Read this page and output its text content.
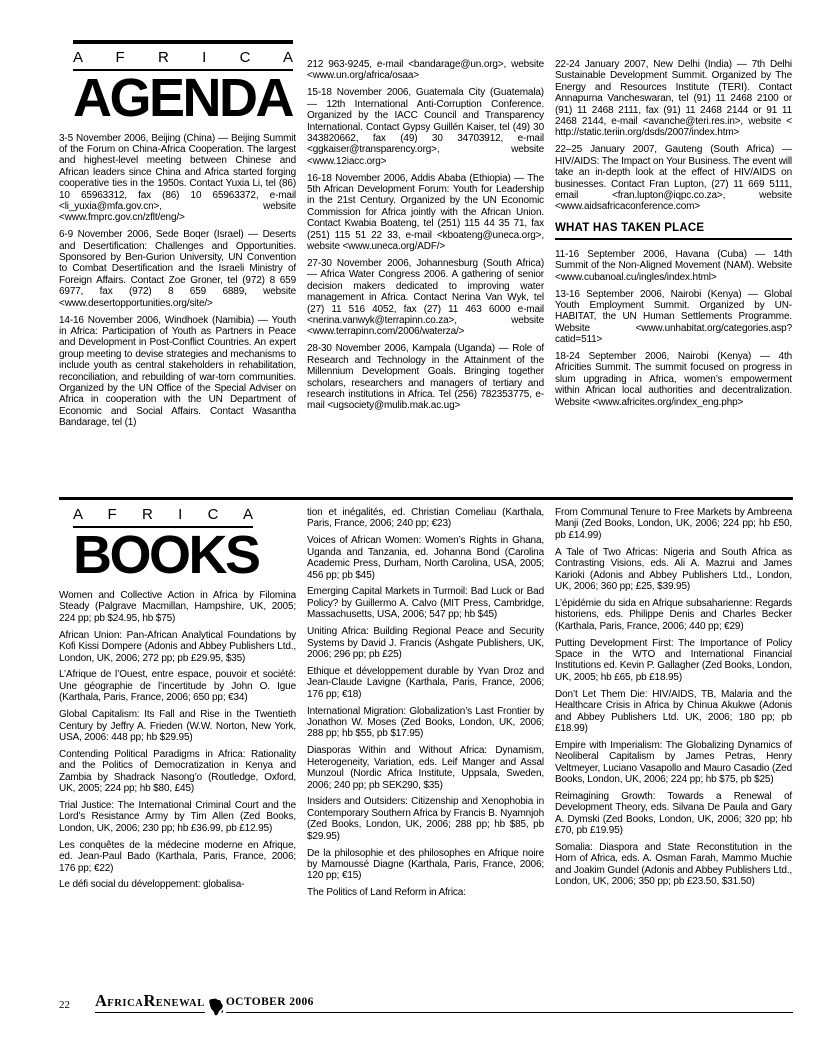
A F R I C A
AGENDA

3-5 November 2006, Beijing (China) — Beijing Summit of the Forum on China-Africa Cooperation. The largest and highest-level meeting between Chinese and African leaders since China and Africa started forging cooperative ties in the 1950s. Contact Yuxia Li, tel (86) 10 65963312, fax (86) 10 65963372, e-mail <li_yuxia@mfa.gov.cn>, website <www.fmprc.gov.cn/zflt/eng/>

6-9 November 2006, Sede Boqer (Israel) — Deserts and Desertification: Challenges and Opportunities. Sponsored by Ben-Gurion University, UN Convention to Combat Desertification and the Israeli Ministry of Foreign Affairs. Contact Zoe Groner, tel (972) 8 659 6977, fax (972) 8 659 6889, website <www.desertopportunities.org/site/>

14-16 November 2006, Windhoek (Namibia) — Youth in Africa: Participation of Youth as Partners in Peace and Development in Post-Conflict Countries. An expert group meeting to devise strategies and mechanisms to include youth as central stakeholders in rehabilitation, reconciliation, and rebuilding of war-torn communities. Organized by the UN Office of the Special Adviser on Africa in cooperation with the UN Department of Economic and Social Affairs. Contact Wasantha Bandarage, tel (1)

212 963-9245, e-mail <bandarage@un.org>, website <www.un.org/africa/osaa>

15-18 November 2006, Guatemala City (Guatemala) — 12th International Anti-Corruption Conference. Organized by the IACC Council and Transparency International. Contact Gypsy Guillén Kaiser, tel (49) 30 343820662, fax (49) 30 34703912, e-mail <ggkaiser@transparency.org>, website <www.12iacc.org>

16-18 November 2006, Addis Ababa (Ethiopia) — The 5th African Development Forum: Youth for Leadership in the 21st Century. Organized by the UN Economic Commission for Africa jointly with the African Union. Contact Kwabia Boateng, tel (251) 115 44 35 71, fax (251) 115 51 22 33, e-mail <kboateng@uneca.org>, website <www.uneca.org/ADF/>

27-30 November 2006, Johannesburg (South Africa) — Africa Water Congress 2006. A gathering of senior decision makers dedicated to improving water management in Africa. Contact Nerina Van Wyk, tel (27) 11 516 4052, fax (27) 11 463 6000 e-mail <nerina.vanwyk@terrapinn.co.za>, website <www.terrapinn.com/2006/waterza/>

28-30 November 2006, Kampala (Uganda) — Role of Research and Technology in the Attainment of the Millennium Development Goals. Bringing together scholars, researchers and managers of tertiary and research institutions in Africa. Tel (256) 782353775, e-mail <ugsociety@mulib.mak.ac.ug>

22-24 January 2007, New Delhi (India) — 7th Delhi Sustainable Development Summit. Organized by The Energy and Resources Institute (TERI). Contact Annapurna Vancheswaran, tel (91) 11 2468 2100 or (91) 11 2468 2111, fax (91) 11 2468 2144 or 91 11 2468 2144, e-mail <avanche@teri.res.in>, website < http://static.teriin.org/dsds/2007/index.htm>

22–25 January 2007, Gauteng (South Africa) — HIV/AIDS: The Impact on Your Business. The event will take an in-depth look at the effect of HIV/AIDS on businesses. Contact Fran Lupton, (27) 11 669 5111, email <fran.lupton@iqpc.co.za>, website <www.aidsafricaconference.com>

WHAT HAS TAKEN PLACE

11-16 September 2006, Havana (Cuba) — 14th Summit of the Non-Aligned Movement (NAM). Website <www.cubanoal.cu/ingles/index.html>

13-16 September 2006, Nairobi (Kenya) — Global Youth Employment Summit. Organized by UN-HABITAT, the UN Human Settlements Programme. Website <www.unhabitat.org/categories.asp?catid=511>

18-24 September 2006, Nairobi (Kenya) — 4th Africities Summit. The summit focused on progress in slum upgrading in Africa, women’s empowerment within African local authorities and decentralization. Website <www.africites.org/index_eng.php>

A F R I C A
BOOKS

Women and Collective Action in Africa by Filomina Steady (Palgrave Macmillan, Hampshire, UK, 2005; 224 pp; pb $24.95, hb $75)

African Union: Pan-African Analytical Foundations by Kofi Kissi Dompere (Adonis and Abbey Publishers Ltd., London, UK, 2006; 272 pp; pb £29.95, $35)

L’Afrique de l’Ouest, entre espace, pouvoir et société: Une géographie de l’incertitude by John O. Igue (Karthala, Paris, France, 2006; 650 pp; €34)

Global Capitalism: Its Fall and Rise in the Twentieth Century by Jeffry A. Frieden (W.W. Norton, New York, USA, 2006: 448 pp; hb $29.95)

Contending Political Paradigms in Africa: Rationality and the Politics of Democratization in Kenya and Zambia by Shadrack Nasong’o (Routledge, Oxford, UK, 2005; 224 pp; hb $80, £45)

Trial Justice: The International Criminal Court and the Lord’s Resistance Army by Tim Allen (Zed Books, London, UK, 2006; 230 pp; hb £36.99, pb £12.95)

Les conquêtes de la médecine moderne en Afrique, ed. Jean-Paul Bado (Karthala, Paris, France, 2006; 176 pp; €22)

Le défi social du développement: globalisa-

tion et inégalités, ed. Christian Comeliau (Karthala, Paris, France, 2006; 240 pp; €23)

Voices of African Women: Women’s Rights in Ghana, Uganda and Tanzania, ed. Johanna Bond (Carolina Academic Press, Durham, North Carolina, USA, 2005; 456 pp; pb $45)

Emerging Capital Markets in Turmoil: Bad Luck or Bad Policy? by Guillermo A. Calvo (MIT Press, Cambridge, Massachusetts, USA, 2006; 547 pp; hb $45)

Uniting Africa: Building Regional Peace and Security Systems by David J. Francis (Ashgate Publishers, UK, 2006; 296 pp; pb £25)

Ethique et développement durable by Yvan Droz and Jean-Claude Lavigne (Karthala, Paris, France, 2006; 176 pp; €18)

International Migration: Globalization’s Last Frontier by Jonathon W. Moses (Zed Books, London, UK, 2006; 288 pp; hb $55, pb $17.95)

Diasporas Within and Without Africa: Dynamism, Heterogeneity, Variation, eds. Leif Manger and Assal Munzoul (Nordic Africa Institute, Uppsala, Sweden, 2006; 240 pp; pb SEK290, $35)

Insiders and Outsiders: Citizenship and Xenophobia in Contemporary Southern Africa by Francis B. Nyamnjoh (Zed Books, London, UK, 2006; 288 pp; hb $85, pb $29.95)

De la philosophie et des philosophes en Afrique noire by Mamoussé Diagne (Karthala, Paris, France, 2006; 120 pp; €15)

The Politics of Land Reform in Africa:

From Communal Tenure to Free Markets by Ambreena Manji (Zed Books, London, UK, 2006; 224 pp; hb £50, pb £14.99)

A Tale of Two Africas: Nigeria and South Africa as Contrasting Visions, eds. Ali A. Mazrui and James Karioki (Adonis and Abbey Publishers Ltd., London, UK, 2006; 360 pp; £25, $39.95)

L’épidémie du sida en Afrique subsaharienne: Regards historiens, eds. Philippe Denis and Charles Becker (Karthala, Paris, France, 2006; 440 pp; €29)

Putting Development First: The Importance of Policy Space in the WTO and International Financial Institutions ed. Kevin P. Gallagher (Zed Books, London, UK, 2005; hb £65, pb £18.95)

Don’t Let Them Die: HIV/AIDS, TB, Malaria and the Healthcare Crisis in Africa by Chinua Akukwe (Adonis and Abbey Publishers Ltd. UK, 2006; 180 pp; pb £18.99)

Empire with Imperialism: The Globalizing Dynamics of Neoliberal Capitalism by James Petras, Henry Veltmeyer, Luciano Vasapollo and Mauro Casadio (Zed Books, London, UK, 2006; 224 pp; hb $75, pb $25)

Reimagining Growth: Towards a Renewal of Development Theory, eds. Silvana De Paula and Gary A. Dymski (Zed Books, London, UK, 2006; 320 pp; hb £70, pb £19.95)

Somalia: Diaspora and State Reconstitution in the Horn of Africa, eds. A. Osman Farah, Mammo Muchie and Joakim Gundel (Adonis and Abbey Publishers Ltd., London, UK, 2006; 350 pp; pb £23.50, $31.50)

22 AFRICARENEWAL OCTOBER 2006
